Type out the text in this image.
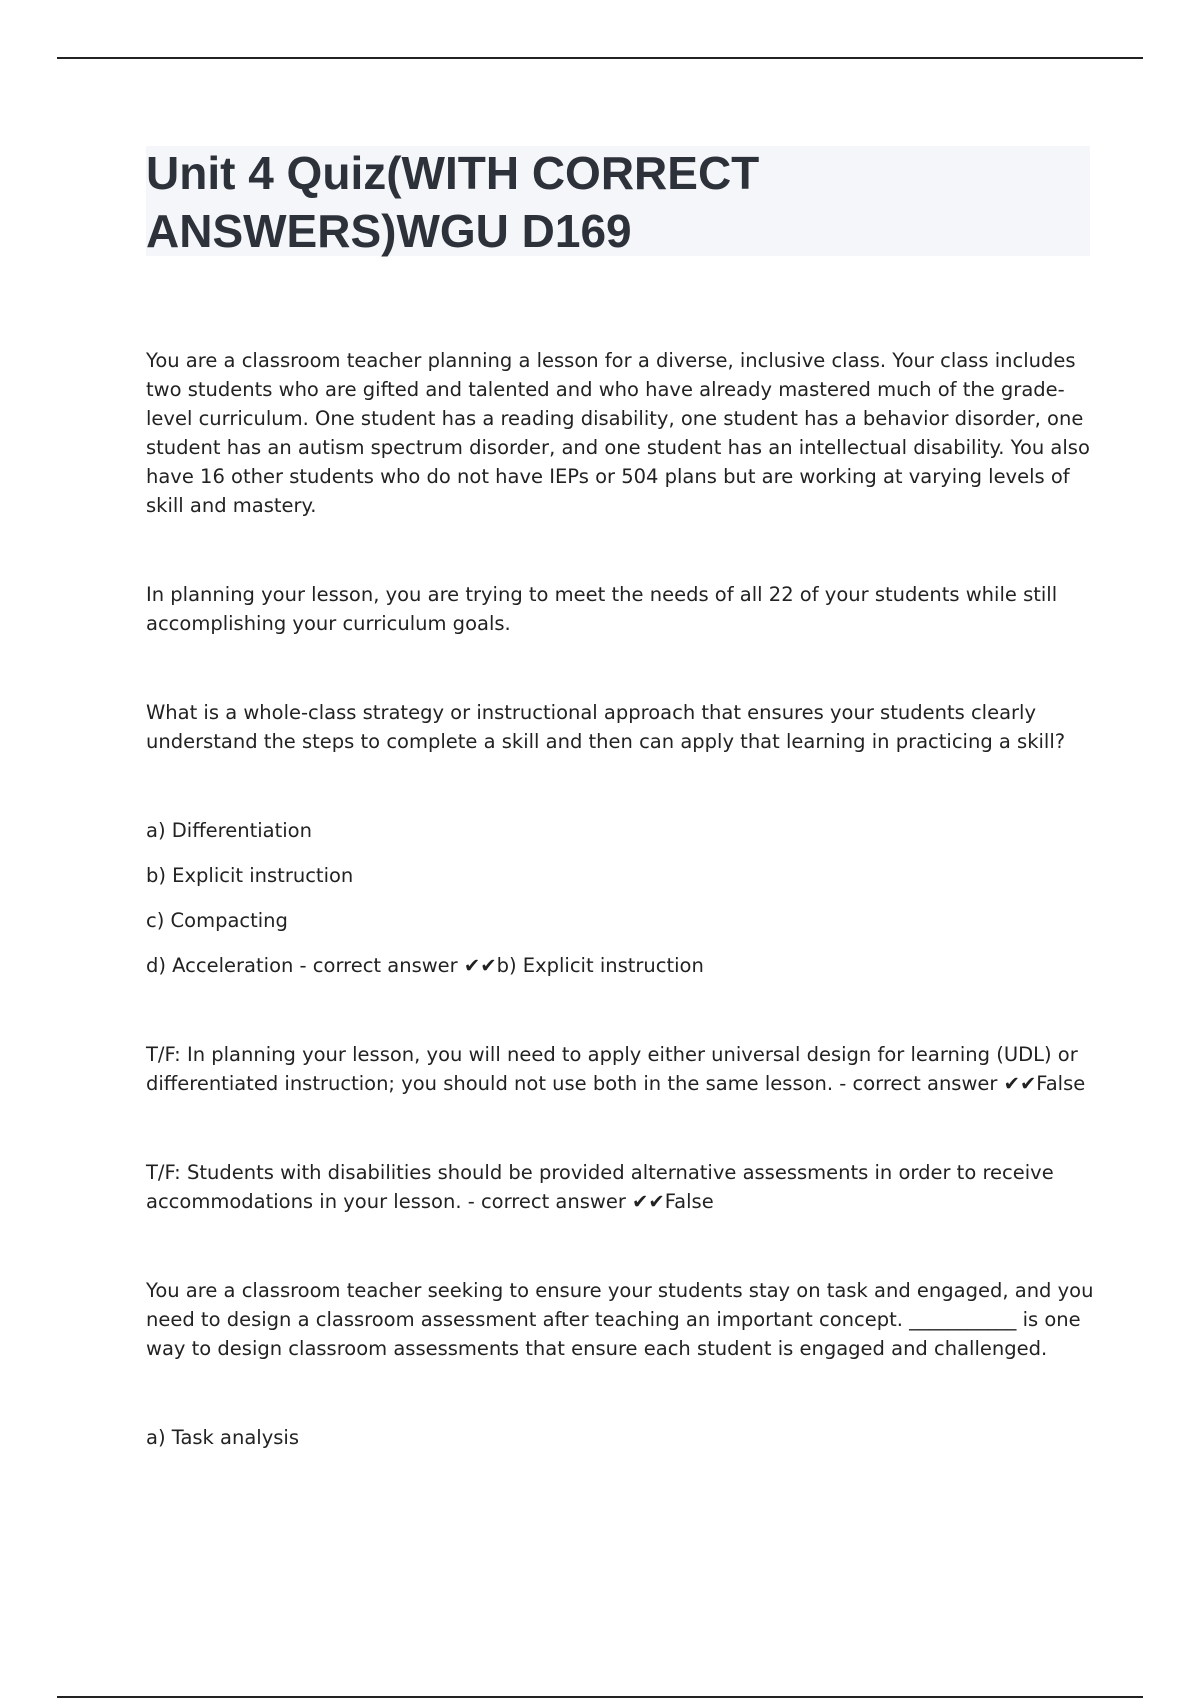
Unit 4 Quiz(WITH CORRECT ANSWERS)WGU D169

You are a classroom teacher planning a lesson for a diverse, inclusive class. Your class includes two students who are gifted and talented and who have already mastered much of the grade-level curriculum. One student has a reading disability, one student has a behavior disorder, one student has an autism spectrum disorder, and one student has an intellectual disability. You also have 16 other students who do not have IEPs or 504 plans but are working at varying levels of skill and mastery.

In planning your lesson, you are trying to meet the needs of all 22 of your students while still accomplishing your curriculum goals.

What is a whole-class strategy or instructional approach that ensures your students clearly understand the steps to complete a skill and then can apply that learning in practicing a skill?

a) Differentiation

b) Explicit instruction

c) Compacting

d) Acceleration - correct answer ✔✔b) Explicit instruction

T/F: In planning your lesson, you will need to apply either universal design for learning (UDL) or differentiated instruction; you should not use both in the same lesson. - correct answer ✔✔False

T/F: Students with disabilities should be provided alternative assessments in order to receive accommodations in your lesson. - correct answer ✔✔False

You are a classroom teacher seeking to ensure your students stay on task and engaged, and you need to design a classroom assessment after teaching an important concept. ___________ is one way to design classroom assessments that ensure each student is engaged and challenged.

a) Task analysis
